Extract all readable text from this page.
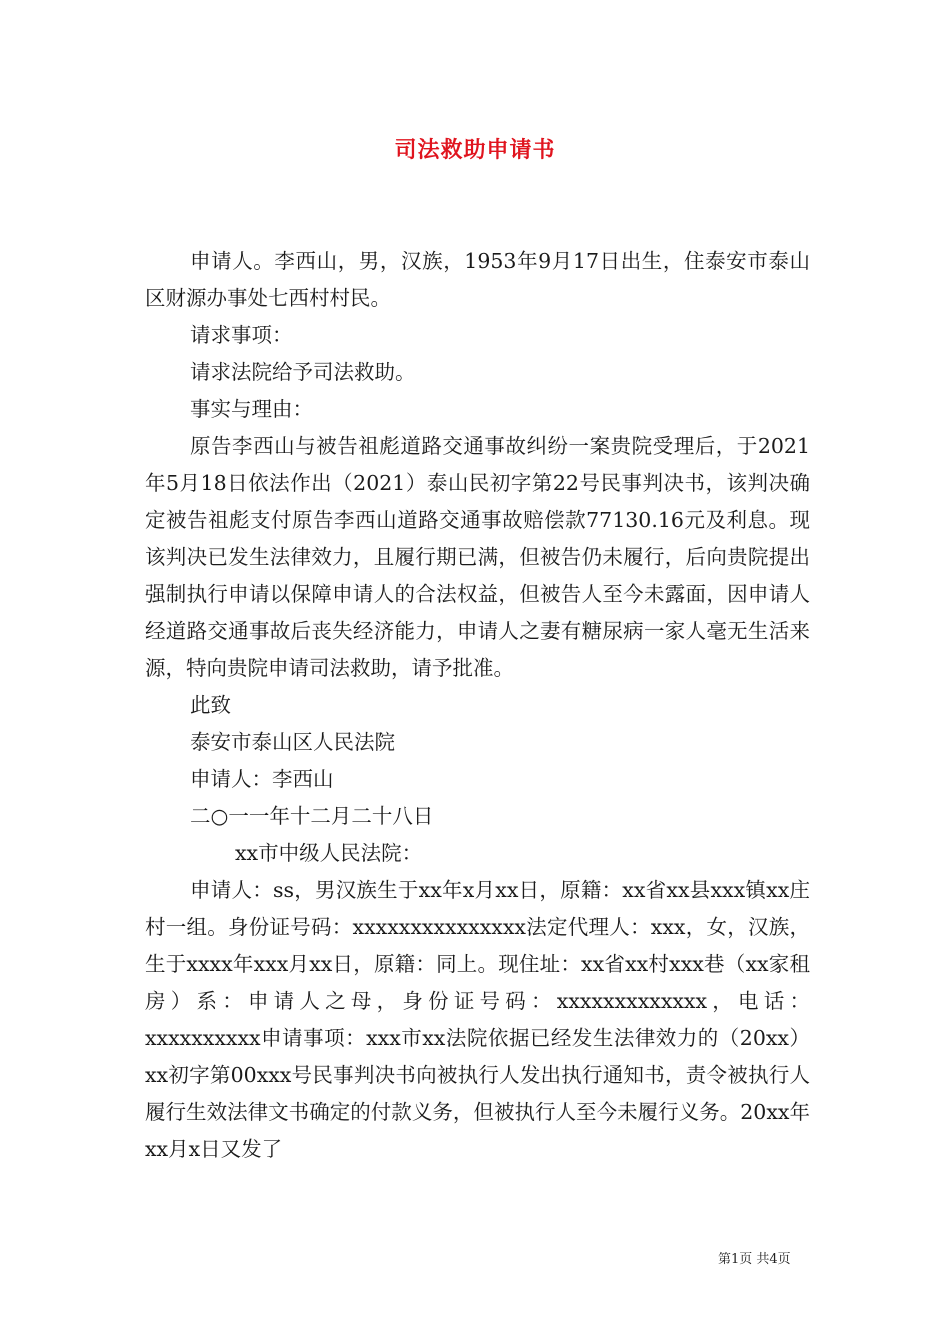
司法救助申请书

申请人。李西山，男，汉族，1953年9月17日出生，住泰安市泰山区财源办事处七西村村民。

请求事项：

请求法院给予司法救助。

事实与理由：

原告李西山与被告祖彪道路交通事故纠纷一案贵院受理后，于2021年5月18日依法作出（2021）泰山民初字第22号民事判决书，该判决确定被告祖彪支付原告李西山道路交通事故赔偿款77130.16元及利息。现该判决已发生法律效力，且履行期已满，但被告仍未履行，后向贵院提出强制执行申请以保障申请人的合法权益，但被告人至今未露面，因申请人经道路交通事故后丧失经济能力，申请人之妻有糖尿病一家人毫无生活来源，特向贵院申请司法救助，请予批准。

此致

泰安市泰山区人民法院

申请人：李西山

二○一一年十二月二十八日

xx市中级人民法院：

申请人：ss，男汉族生于xx年x月xx日，原籍：xx省xx县xxx镇xx庄村一组。身份证号码：xxxxxxxxxxxxxxx法定代理人：xxx，女，汉族，生于xxxx年xxx月xx日，原籍：同上。现住址：xx省xx村xxx巷（xx家租房）系：申请人之母，身份证号码：xxxxxxxxxxxxx，电话：xxxxxxxxxx申请事项：xxx市xx法院依据已经发生法律效力的（20xx）xx初字第00xxx号民事判决书向被执行人发出执行通知书，责令被执行人履行生效法律文书确定的付款义务，但被执行人至今未履行义务。20xx年xx月x日又发了

第1页 共4页
